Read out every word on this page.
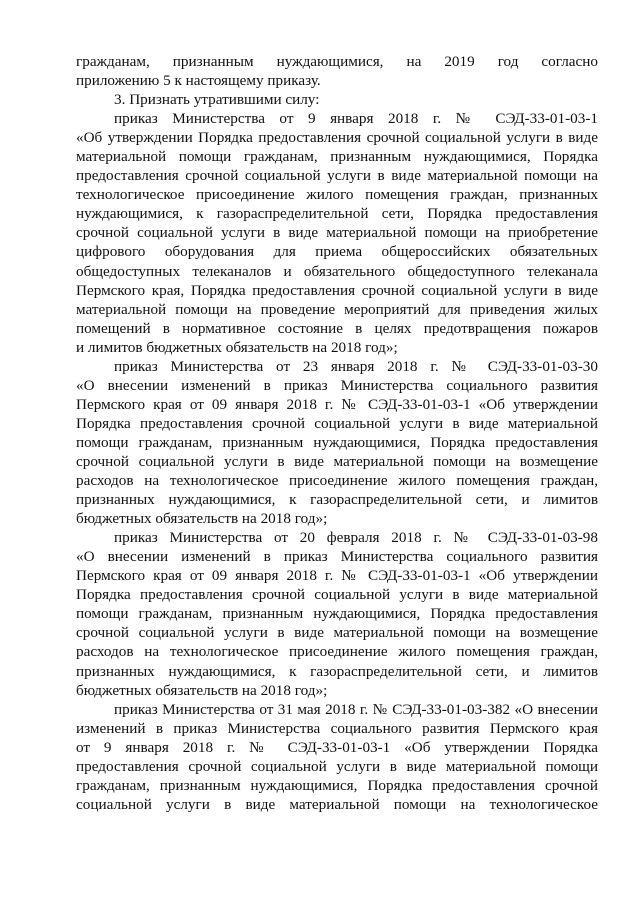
гражданам, признанным нуждающимися, на 2019 год согласно
приложению 5 к настоящему приказу.
3. Признать утратившими силу:
приказ Министерства от 9 января 2018 г. № СЭД-33-01-03-1
«Об утверждении Порядка предоставления срочной социальной услуги в виде
материальной помощи гражданам, признанным нуждающимися, Порядка
предоставления срочной социальной услуги в виде материальной помощи на
технологическое присоединение жилого помещения граждан, признанных
нуждающимися, к газораспределительной сети, Порядка предоставления
срочной социальной услуги в виде материальной помощи на приобретение
цифрового оборудования для приема общероссийских обязательных
общедоступных телеканалов и обязательного общедоступного телеканала
Пермского края, Порядка предоставления срочной социальной услуги в виде
материальной помощи на проведение мероприятий для приведения жилых
помещений в нормативное состояние в целях предотвращения пожаров
и лимитов бюджетных обязательств на 2018 год»;
приказ Министерства от 23 января 2018 г. № СЭД-33-01-03-30
«О внесении изменений в приказ Министерства социального развития
Пермского края от 09 января 2018 г. № СЭД-33-01-03-1 «Об утверждении
Порядка предоставления срочной социальной услуги в виде материальной
помощи гражданам, признанным нуждающимися, Порядка предоставления
срочной социальной услуги в виде материальной помощи на возмещение
расходов на технологическое присоединение жилого помещения граждан,
признанных нуждающимися, к газораспределительной сети, и лимитов
бюджетных обязательств на 2018 год»;
приказ Министерства от 20 февраля 2018 г. № СЭД-33-01-03-98
«О внесении изменений в приказ Министерства социального развития
Пермского края от 09 января 2018 г. № СЭД-33-01-03-1 «Об утверждении
Порядка предоставления срочной социальной услуги в виде материальной
помощи гражданам, признанным нуждающимися, Порядка предоставления
срочной социальной услуги в виде материальной помощи на возмещение
расходов на технологическое присоединение жилого помещения граждан,
признанных нуждающимися, к газораспределительной сети, и лимитов
бюджетных обязательств на 2018 год»;
приказ Министерства от 31 мая 2018 г. № СЭД-33-01-03-382 «О внесении
изменений в приказ Министерства социального развития Пермского края
от 9 января 2018 г. № СЭД-33-01-03-1 «Об утверждении Порядка
предоставления срочной социальной услуги в виде материальной помощи
гражданам, признанным нуждающимися, Порядка предоставления срочной
социальной услуги в виде материальной помощи на технологическое
